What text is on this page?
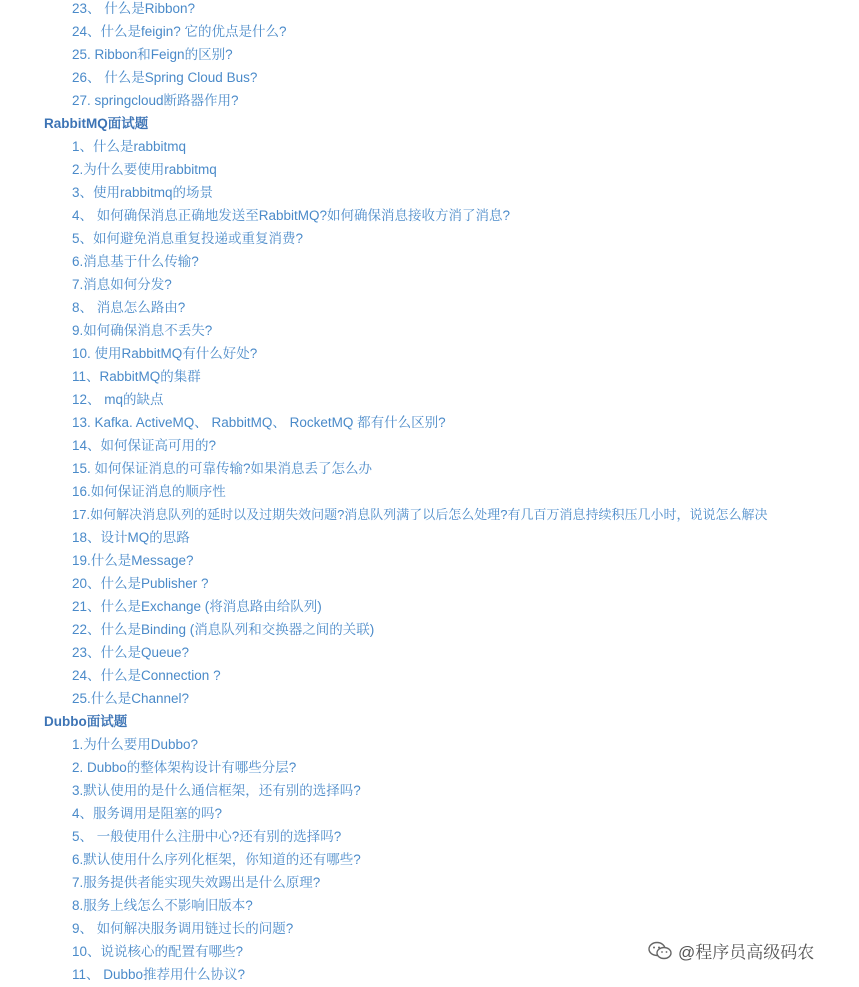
23、 什么是Ribbon?
24、什么是feigin? 它的优点是什么?
25. Ribbon和Feign的区别?
26、 什么是Spring Cloud Bus?
27. springcloud断路器作用?
RabbitMQ面试题
1、什么是rabbitmq
2.为什么要使用rabbitmq
3、使用rabbitmq的场景
4、 如何确保消息正确地发送至RabbitMQ?如何确保消息接收方消了消息?
5、如何避免消息重复投递或重复消费?
6.消息基于什么传输?
7.消息如何分发?
8、 消息怎么路由?
9.如何确保消息不丢失?
10. 使用RabbitMQ有什么好处?
11、RabbitMQ的集群
12、 mq的缺点
13. Kafka. ActiveMQ、 RabbitMQ、 RocketMQ 都有什么区别?
14、如何保证高可用的?
15. 如何保证消息的可靠传输?如果消息丢了怎么办
16.如何保证消息的顺序性
17.如何解决消息队列的延时以及过期失效问题?消息队列满了以后怎么处理?有几百万消息持续积压几小时，说说怎么解决
18、设计MQ的思路
19.什么是Message?
20、什么是Publisher ?
21、什么是Exchange (将消息路由给队列)
22、什么是Binding (消息队列和交换器之间的关联)
23、什么是Queue?
24、什么是Connection ?
25.什么是Channel?
Dubbo面试题
1.为什么要用Dubbo?
2. Dubbo的整体架构设计有哪些分层?
3.默认使用的是什么通信框架，还有别的选择吗?
4、服务调用是阻塞的吗?
5、 一般使用什么注册中心?还有别的选择吗?
6.默认使用什么序列化框架，你知道的还有哪些?
7.服务提供者能实现失效踢出是什么原理?
8.服务上线怎么不影响旧版本?
9、 如何解决服务调用链过长的问题?
10、说说核心的配置有哪些?
11、 Dubbo推荐用什么协议?
@程序员高级码农
